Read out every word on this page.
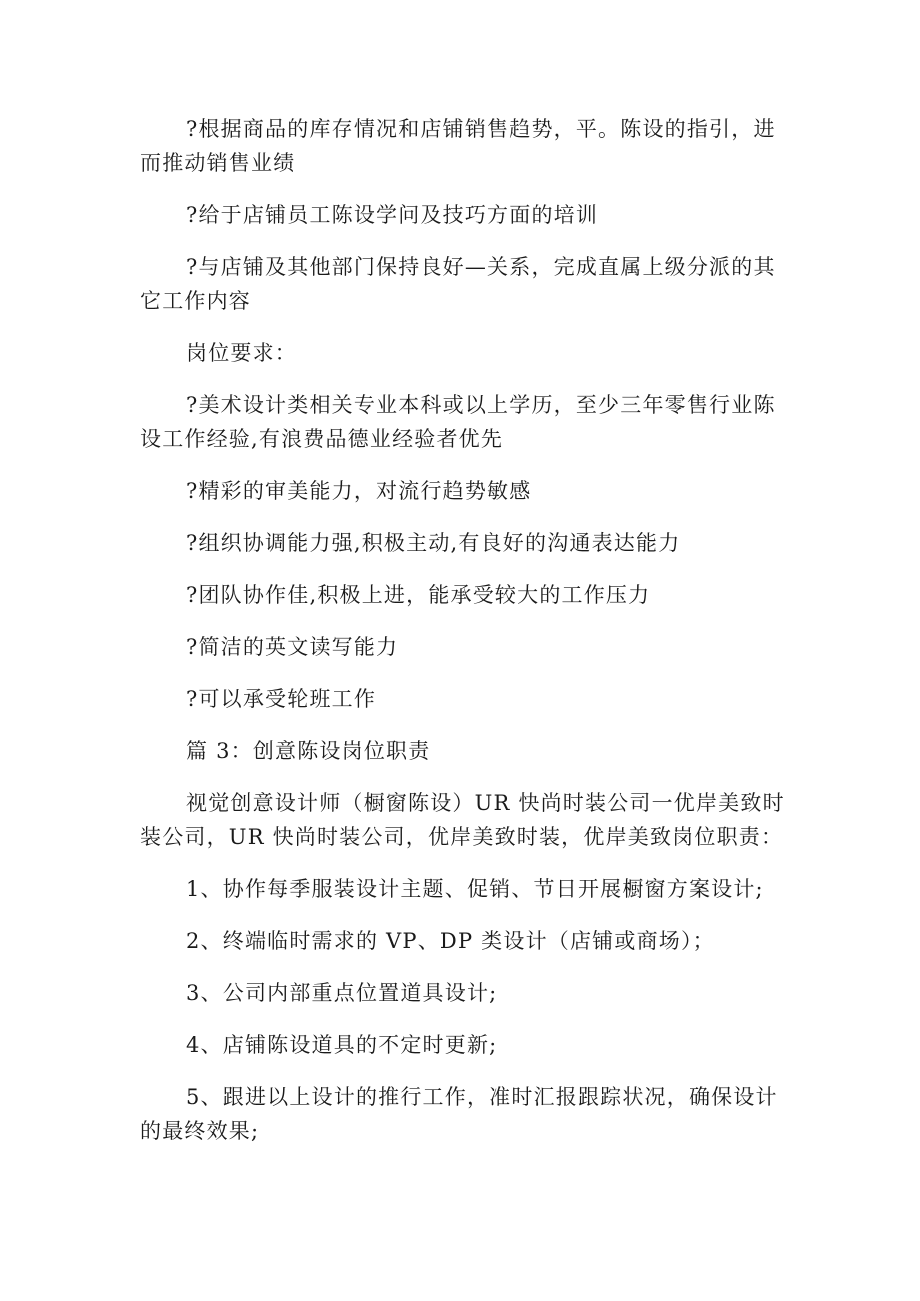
?根据商品的库存情况和店铺销售趋势，平。陈设的指引，进而推动销售业绩

?给于店铺员工陈设学问及技巧方面的培训

?与店铺及其他部门保持良好—关系，完成直属上级分派的其它工作内容

岗位要求：

?美术设计类相关专业本科或以上学历，至少三年零售行业陈设工作经验,有浪费品德业经验者优先

?精彩的审美能力，对流行趋势敏感

?组织协调能力强,积极主动,有良好的沟通表达能力

?团队协作佳,积极上进，能承受较大的工作压力

?简洁的英文读写能力

?可以承受轮班工作

篇 3：创意陈设岗位职责

视觉创意设计师（橱窗陈设）UR 快尚时装公司一优岸美致时装公司，UR 快尚时装公司，优岸美致时装，优岸美致岗位职责：

1、协作每季服装设计主题、促销、节日开展橱窗方案设计;

2、终端临时需求的 VP、DP 类设计（店铺或商场）；

3、公司内部重点位置道具设计;

4、店铺陈设道具的不定时更新;

5、跟进以上设计的推行工作，准时汇报跟踪状况，确保设计的最终效果;
